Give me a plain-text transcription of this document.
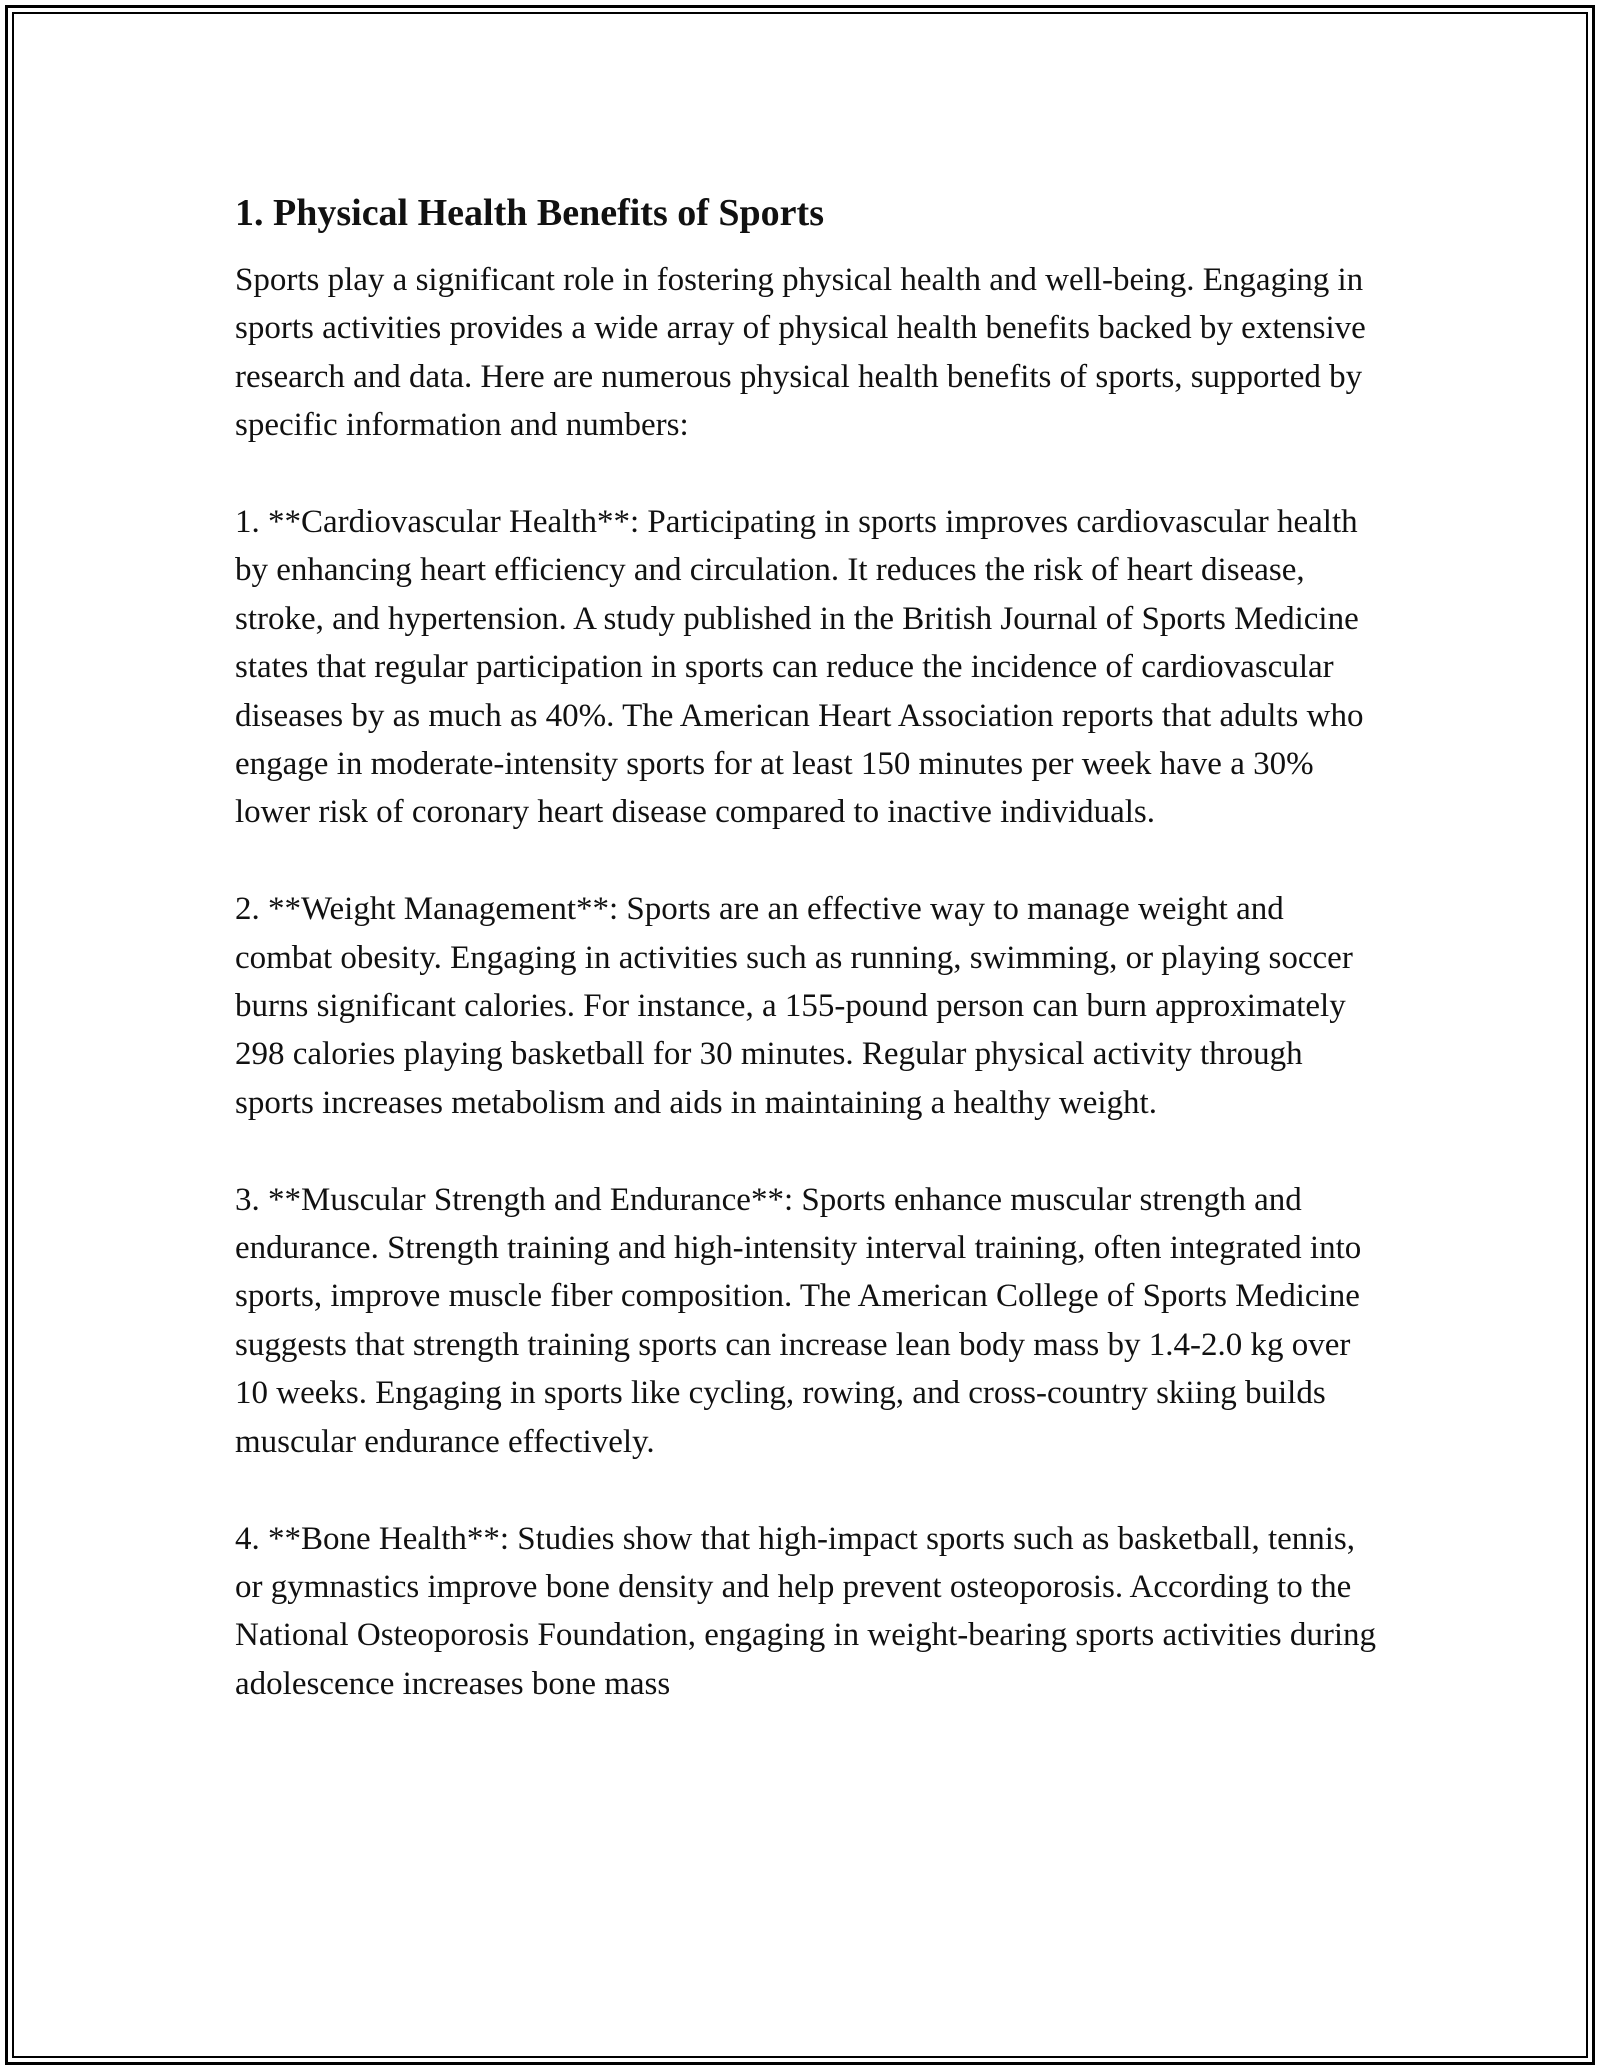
1. Physical Health Benefits of Sports
Sports play a significant role in fostering physical health and well-being. Engaging in sports activities provides a wide array of physical health benefits backed by extensive research and data. Here are numerous physical health benefits of sports, supported by specific information and numbers:
1. **Cardiovascular Health**: Participating in sports improves cardiovascular health by enhancing heart efficiency and circulation. It reduces the risk of heart disease, stroke, and hypertension. A study published in the British Journal of Sports Medicine states that regular participation in sports can reduce the incidence of cardiovascular diseases by as much as 40%. The American Heart Association reports that adults who engage in moderate-intensity sports for at least 150 minutes per week have a 30% lower risk of coronary heart disease compared to inactive individuals.
2. **Weight Management**: Sports are an effective way to manage weight and combat obesity. Engaging in activities such as running, swimming, or playing soccer burns significant calories. For instance, a 155-pound person can burn approximately 298 calories playing basketball for 30 minutes. Regular physical activity through sports increases metabolism and aids in maintaining a healthy weight.
3. **Muscular Strength and Endurance**: Sports enhance muscular strength and endurance. Strength training and high-intensity interval training, often integrated into sports, improve muscle fiber composition. The American College of Sports Medicine suggests that strength training sports can increase lean body mass by 1.4-2.0 kg over 10 weeks. Engaging in sports like cycling, rowing, and cross-country skiing builds muscular endurance effectively.
4. **Bone Health**: Studies show that high-impact sports such as basketball, tennis, or gymnastics improve bone density and help prevent osteoporosis. According to the National Osteoporosis Foundation, engaging in weight-bearing sports activities during adolescence increases bone mass
